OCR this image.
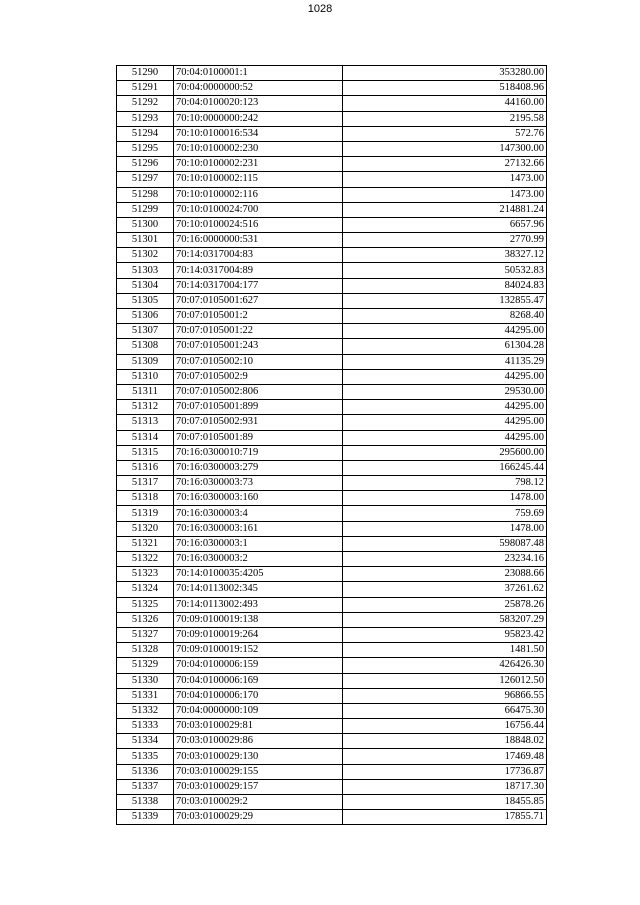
1028
51290	70:04:0100001:1	353280.00
51291	70:04:0000000:52	518408.96
51292	70:04:0100020:123	44160.00
51293	70:10:0000000:242	2195.58
51294	70:10:0100016:534	572.76
51295	70:10:0100002:230	147300.00
51296	70:10:0100002:231	27132.66
51297	70:10:0100002:115	1473.00
51298	70:10:0100002:116	1473.00
51299	70:10:0100024:700	214881.24
51300	70:10:0100024:516	6657.96
51301	70:16:0000000:531	2770.99
51302	70:14:0317004:83	38327.12
51303	70:14:0317004:89	50532.83
51304	70:14:0317004:177	84024.83
51305	70:07:0105001:627	132855.47
51306	70:07:0105001:2	8268.40
51307	70:07:0105001:22	44295.00
51308	70:07:0105001:243	61304.28
51309	70:07:0105002:10	41135.29
51310	70:07:0105002:9	44295.00
51311	70:07:0105002:806	29530.00
51312	70:07:0105001:899	44295.00
51313	70:07:0105002:931	44295.00
51314	70:07:0105001:89	44295.00
51315	70:16:0300010:719	295600.00
51316	70:16:0300003:279	166245.44
51317	70:16:0300003:73	798.12
51318	70:16:0300003:160	1478.00
51319	70:16:0300003:4	759.69
51320	70:16:0300003:161	1478.00
51321	70:16:0300003:1	598087.48
51322	70:16:0300003:2	23234.16
51323	70:14:0100035:4205	23088.66
51324	70:14:0113002:345	37261.62
51325	70:14:0113002:493	25878.26
51326	70:09:0100019:138	583207.29
51327	70:09:0100019:264	95823.42
51328	70:09:0100019:152	1481.50
51329	70:04:0100006:159	426426.30
51330	70:04:0100006:169	126012.50
51331	70:04:0100006:170	96866.55
51332	70:04:0000000:109	66475.30
51333	70:03:0100029:81	16756.44
51334	70:03:0100029:86	18848.02
51335	70:03:0100029:130	17469.48
51336	70:03:0100029:155	17736.87
51337	70:03:0100029:157	18717.30
51338	70:03:0100029:2	18455.85
51339	70:03:0100029:29	17855.71
